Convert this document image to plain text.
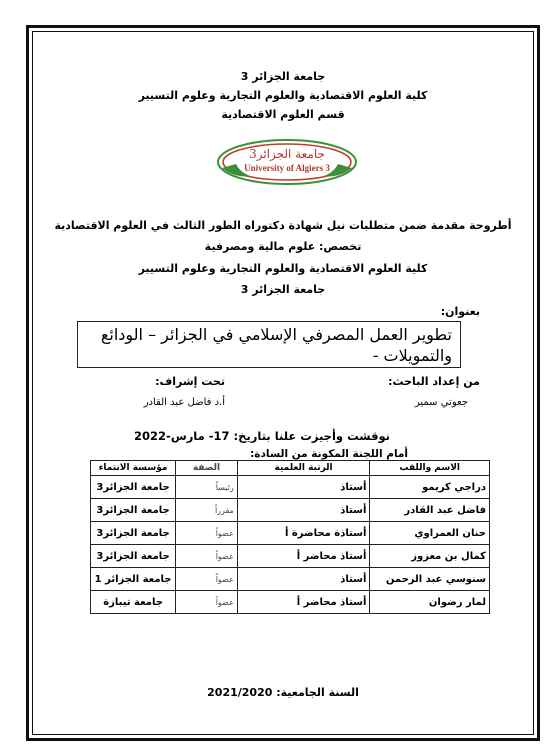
جامعة الجزائر 3
كلية العلوم الاقتصادية والعلوم التجارية وعلوم التسيير
قسم العلوم الاقتصادية
جامعة الجزائر3
University of Algiers 3
أطروحة مقدمة ضمن متطلبات نيل شهادة دكتوراه الطور الثالث في العلوم الاقتصادية
تخصص: علوم مالية ومصرفية
كلية العلوم الاقتصادية والعلوم التجارية وعلوم التسيير
جامعة الجزائر 3
بعنوان:
تطوير العمل المصرفي الإسلامي في الجزائر – الودائع والتمويلات -
من إعداد الباحث:
جعوتي سمير
تحت إشراف:
أ.د فاضل عبد القادر
نوقشت وأجيزت علنا بتاريخ: 17- مارس-2022
أمام اللجنة المكونة من السادة:
الاسم واللقب	الرتبة العلمية	الصفة	مؤسسة الانتماء
دراجي كريمو	أستاذ	رئيساً	جامعة الجزائر3
فاضل عبد القادر	أستاذ	مقرراً	جامعة الجزائر3
حنان العمراوي	أستاذة محاضرة أ	عضواً	جامعة الجزائر3
كمال بن معزوز	أستاذ محاضر أ	عضواً	جامعة الجزائر3
سنوسي عبد الرحمن	أستاذ	عضواً	جامعة الجزائر 1
لمار رضوان	أستاذ محاضر أ	عضواً	جامعة تيبازة
السنة الجامعية: 2021/2020
